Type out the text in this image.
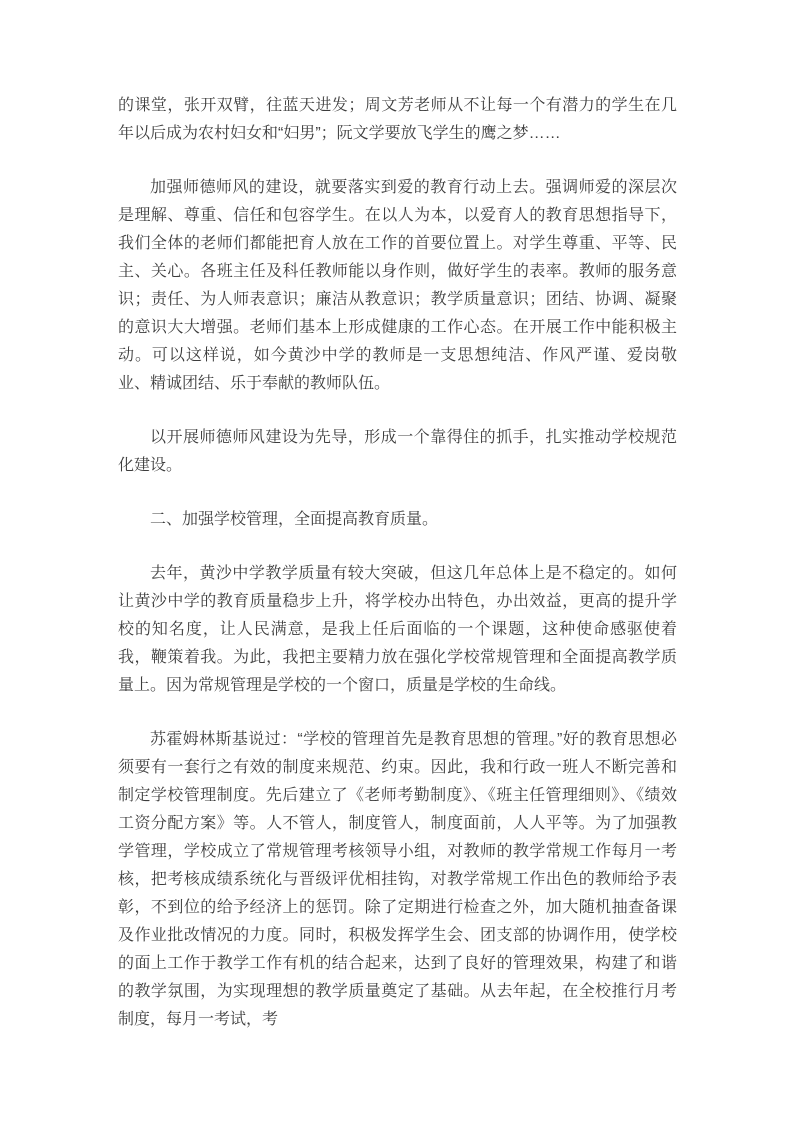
的课堂，张开双臂，往蓝天进发；周文芳老师从不让每一个有潜力的学生在几年以后成为农村妇女和“妇男”；阮文学要放飞学生的鹰之梦……

加强师德师风的建设，就要落实到爱的教育行动上去。强调师爱的深层次是理解、尊重、信任和包容学生。在以人为本，以爱育人的教育思想指导下，我们全体的老师们都能把育人放在工作的首要位置上。对学生尊重、平等、民主、关心。各班主任及科任教师能以身作则，做好学生的表率。教师的服务意识；责任、为人师表意识；廉洁从教意识；教学质量意识；团结、协调、凝聚的意识大大增强。老师们基本上形成健康的工作心态。在开展工作中能积极主动。可以这样说，如今黄沙中学的教师是一支思想纯洁、作风严谨、爱岗敬业、精诚团结、乐于奉献的教师队伍。

以开展师德师风建设为先导，形成一个靠得住的抓手，扎实推动学校规范化建设。

二、加强学校管理，全面提高教育质量。

去年，黄沙中学教学质量有较大突破，但这几年总体上是不稳定的。如何让黄沙中学的教育质量稳步上升，将学校办出特色，办出效益，更高的提升学校的知名度，让人民满意，是我上任后面临的一个课题，这种使命感驱使着我，鞭策着我。为此，我把主要精力放在强化学校常规管理和全面提高教学质量上。因为常规管理是学校的一个窗口，质量是学校的生命线。

苏霍姆林斯基说过：“学校的管理首先是教育思想的管理。”好的教育思想必须要有一套行之有效的制度来规范、约束。因此，我和行政一班人不断完善和制定学校管理制度。先后建立了《老师考勤制度》、《班主任管理细则》、《绩效工资分配方案》等。人不管人，制度管人，制度面前，人人平等。为了加强教学管理，学校成立了常规管理考核领导小组，对教师的教学常规工作每月一考核，把考核成绩系统化与晋级评优相挂钩，对教学常规工作出色的教师给予表彰，不到位的给予经济上的惩罚。除了定期进行检查之外，加大随机抽查备课及作业批改情况的力度。同时，积极发挥学生会、团支部的协调作用，使学校的面上工作于教学工作有机的结合起来，达到了良好的管理效果，构建了和谐的教学氛围，为实现理想的教学质量奠定了基础。从去年起，在全校推行月考制度，每月一考试，考
